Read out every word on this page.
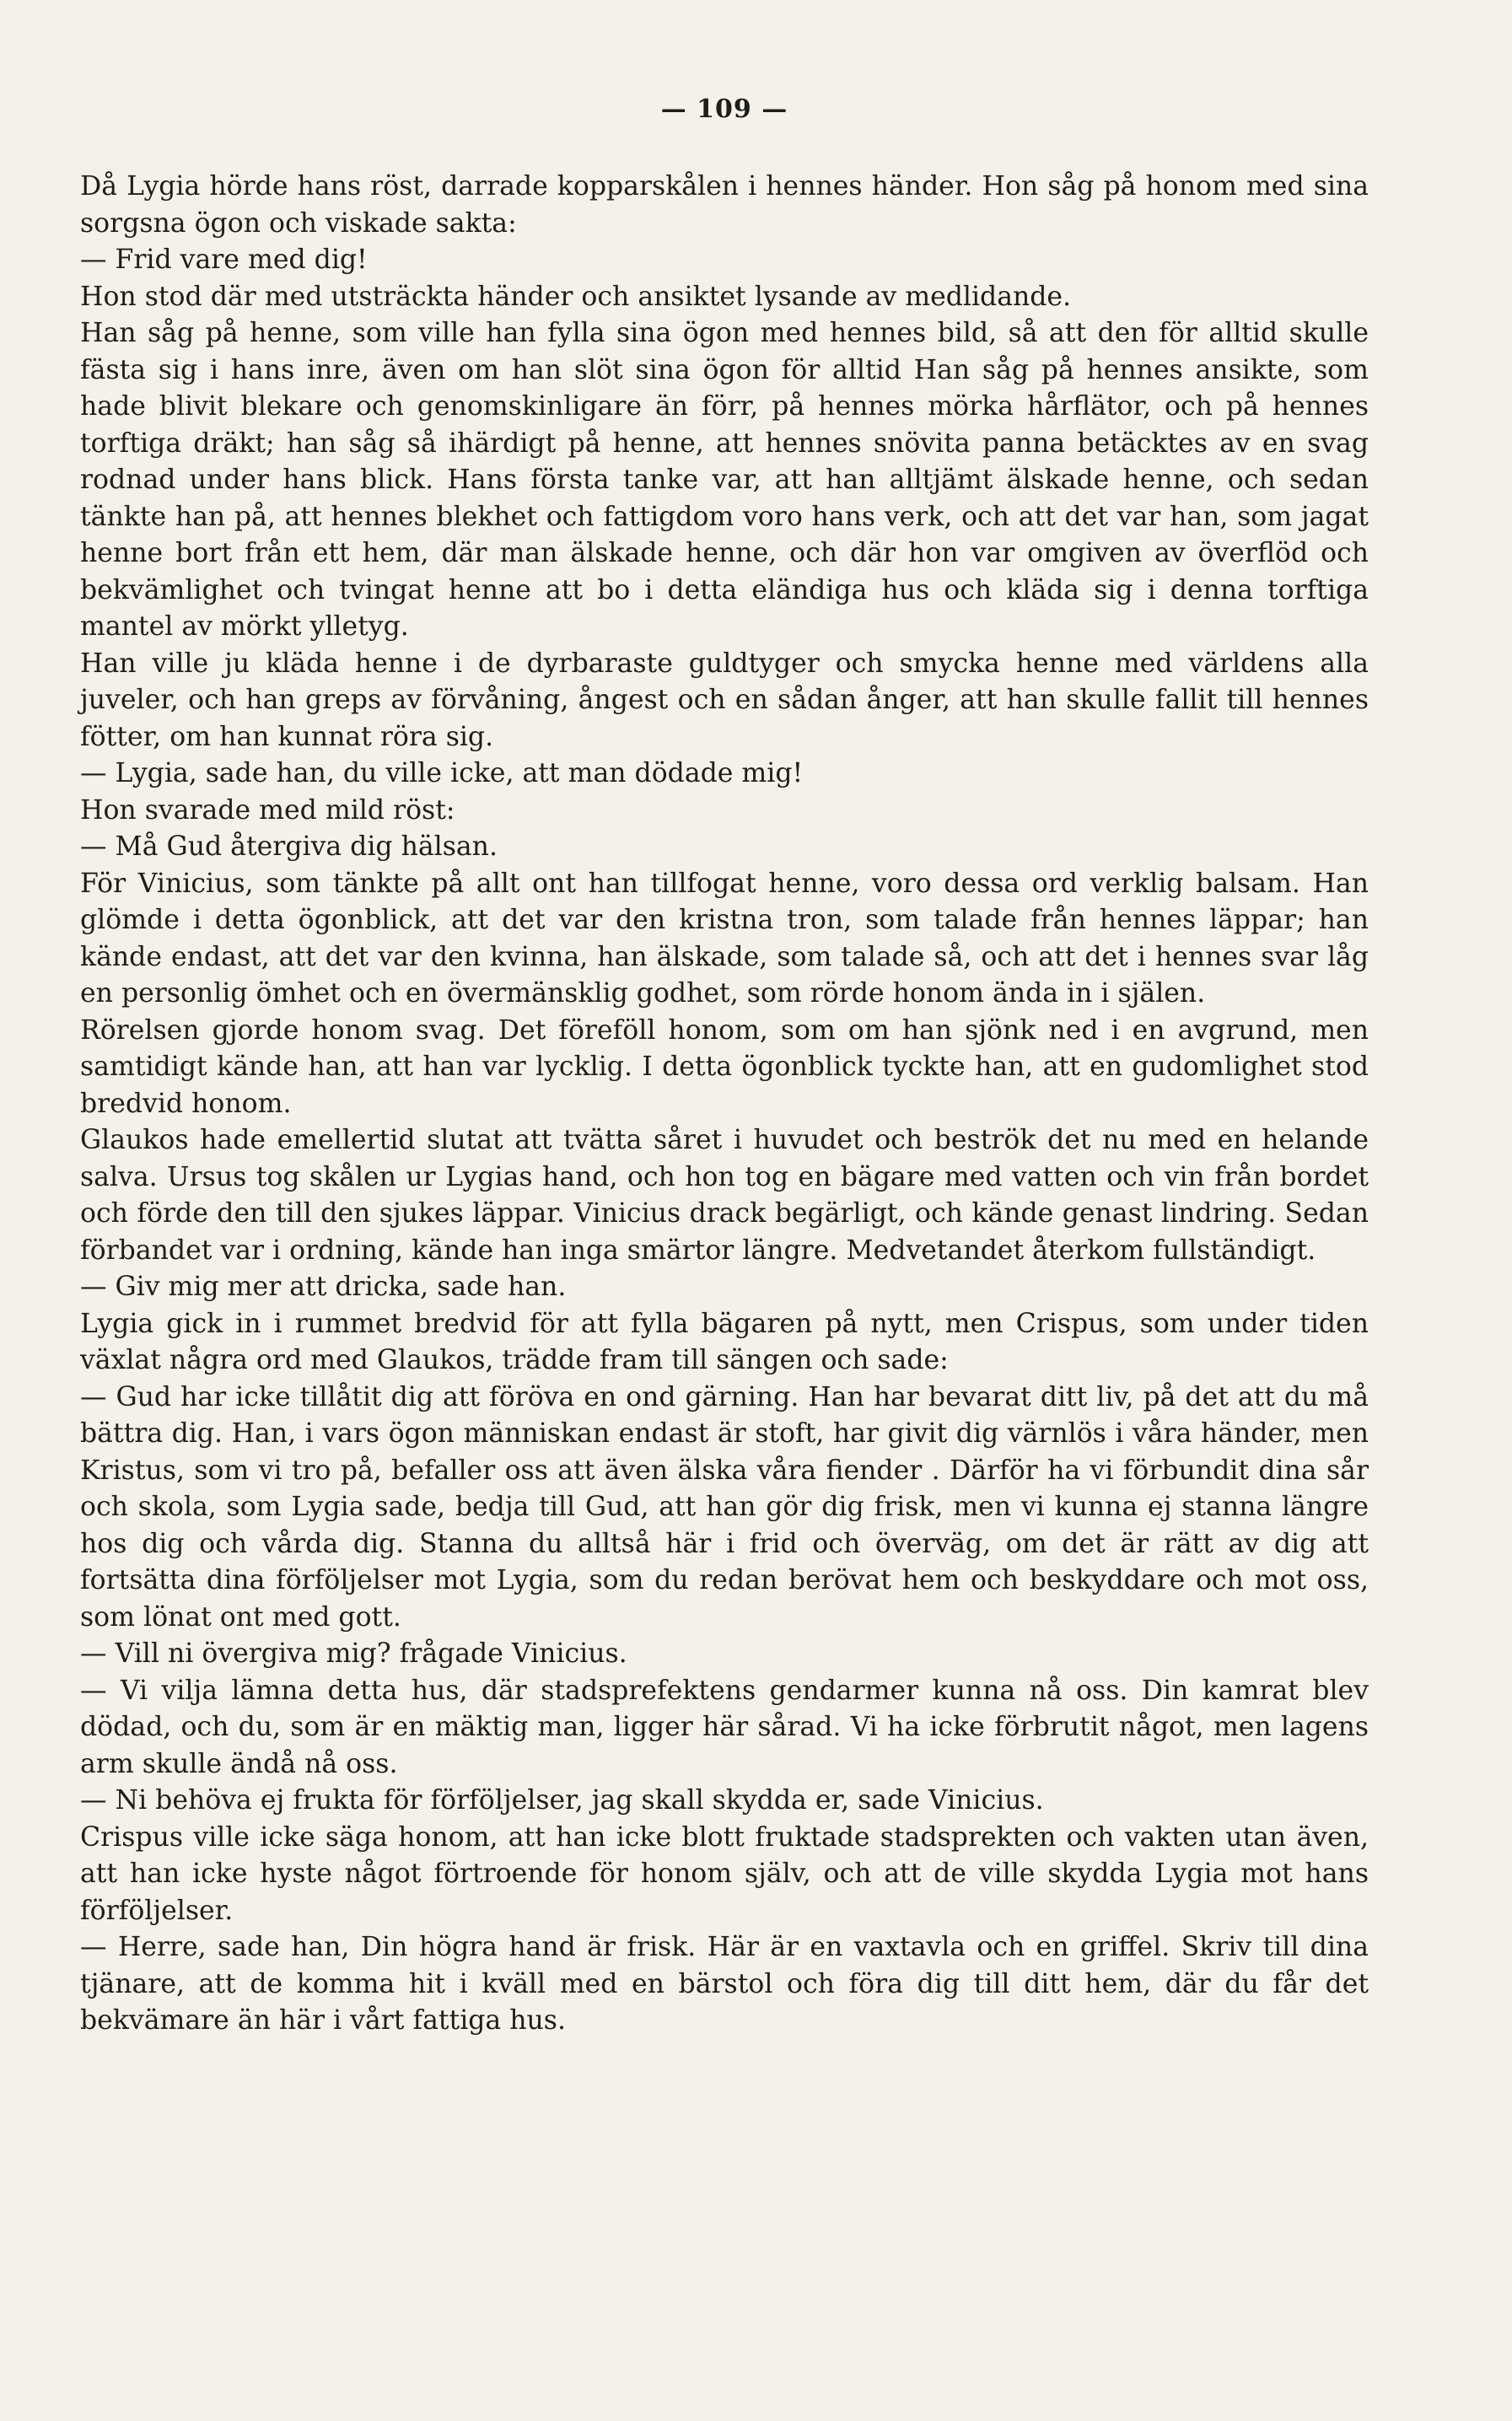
— 109 —

Då Lygia hörde hans röst, darrade kopparskålen i hennes händer. Hon såg på honom med sina sorgsna ögon och viskade sakta:

— Frid vare med dig!

Hon stod där med utsträckta händer och ansiktet lysande av medlidande.

Han såg på henne, som ville han fylla sina ögon med hennes bild, så att den för alltid skulle fästa sig i hans inre, även om han slöt sina ögon för alltid Han såg på hennes ansikte, som hade blivit blekare och genomskinligare än förr, på hennes mörka hårflätor, och på hennes torftiga dräkt; han såg så ihärdigt på henne, att hennes snövita panna betäcktes av en svag rodnad under hans blick. Hans första tanke var, att han alltjämt älskade henne, och sedan tänkte han på, att hennes blekhet och fattigdom voro hans verk, och att det var han, som jagat henne bort från ett hem, där man älskade henne, och där hon var omgiven av överflöd och bekvämlighet och tvingat henne att bo i detta eländiga hus och kläda sig i denna torftiga mantel av mörkt ylletyg.

Han ville ju kläda henne i de dyrbaraste guldtyger och smycka henne med världens alla juveler, och han greps av förvåning, ångest och en sådan ånger, att han skulle fallit till hennes fötter, om han kunnat röra sig.

— Lygia, sade han, du ville icke, att man dödade mig!

Hon svarade med mild röst:

— Må Gud återgiva dig hälsan.

För Vinicius, som tänkte på allt ont han tillfogat henne, voro dessa ord verklig balsam. Han glömde i detta ögonblick, att det var den kristna tron, som talade från hennes läppar; han kände endast, att det var den kvinna, han älskade, som talade så, och att det i hennes svar låg en personlig ömhet och en övermänsklig godhet, som rörde honom ända in i själen.

Rörelsen gjorde honom svag. Det föreföll honom, som om han sjönk ned i en avgrund, men samtidigt kände han, att han var lycklig. I detta ögonblick tyckte han, att en gudomlighet stod bredvid honom.

Glaukos hade emellertid slutat att tvätta såret i huvudet och beströk det nu med en helande salva. Ursus tog skålen ur Lygias hand, och hon tog en bägare med vatten och vin från bordet och förde den till den sjukes läppar. Vinicius drack begärligt, och kände genast lindring. Sedan förbandet var i ordning, kände han inga smärtor längre. Medvetandet återkom fullständigt.

— Giv mig mer att dricka, sade han.

Lygia gick in i rummet bredvid för att fylla bägaren på nytt, men Crispus, som under tiden växlat några ord med Glaukos, trädde fram till sängen och sade:

— Gud har icke tillåtit dig att föröva en ond gärning. Han har bevarat ditt liv, på det att du må bättra dig. Han, i vars ögon människan endast är stoft, har givit dig värnlös i våra händer, men Kristus, som vi tro på, befaller oss att även älska våra fiender . Därför ha vi förbundit dina sår och skola, som Lygia sade, bedja till Gud, att han gör dig frisk, men vi kunna ej stanna längre hos dig och vårda dig. Stanna du alltså här i frid och överväg, om det är rätt av dig att fortsätta dina förföljelser mot Lygia, som du redan berövat hem och beskyddare och mot oss, som lönat ont med gott.

— Vill ni övergiva mig? frågade Vinicius.

— Vi vilja lämna detta hus, där stadsprefektens gendarmer kunna nå oss. Din kamrat blev dödad, och du, som är en mäktig man, ligger här sårad. Vi ha icke förbrutit något, men lagens arm skulle ändå nå oss.

— Ni behöva ej frukta för förföljelser, jag skall skydda er, sade Vinicius.

Crispus ville icke säga honom, att han icke blott fruktade stadsprekten och vakten utan även, att han icke hyste något förtroende för honom själv, och att de ville skydda Lygia mot hans förföljelser.

— Herre, sade han, Din högra hand är frisk. Här är en vaxtavla och en griffel. Skriv till dina tjänare, att de komma hit i kväll med en bärstol och föra dig till ditt hem, där du får det bekvämare än här i vårt fattiga hus.
